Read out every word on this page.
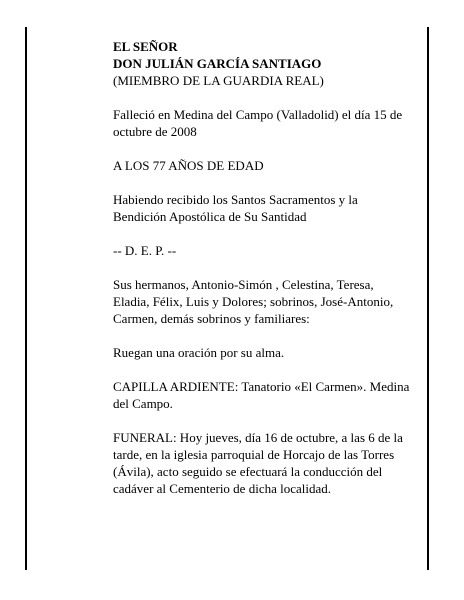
EL SEÑOR
DON JULIÁN GARCÍA SANTIAGO
(MIEMBRO DE LA GUARDIA REAL)
Falleció en Medina del Campo (Valladolid) el día 15 de
octubre de 2008
A LOS 77 AÑOS DE EDAD
Habiendo recibido los Santos Sacramentos y la
Bendición Apostólica de Su Santidad
-- D. E. P. --
Sus hermanos, Antonio-Simón , Celestina, Teresa,
Eladia, Félix, Luis y Dolores; sobrinos, José-Antonio,
Carmen, demás sobrinos y familiares:
Ruegan una oración por su alma.
CAPILLA ARDIENTE: Tanatorio «El Carmen». Medina
del Campo.
FUNERAL: Hoy jueves, día 16 de octubre, a las 6 de la
tarde, en la iglesia parroquial de Horcajo de las Torres
(Ávila), acto seguido se efectuará la conducción del
cadáver al Cementerio de dicha localidad.
